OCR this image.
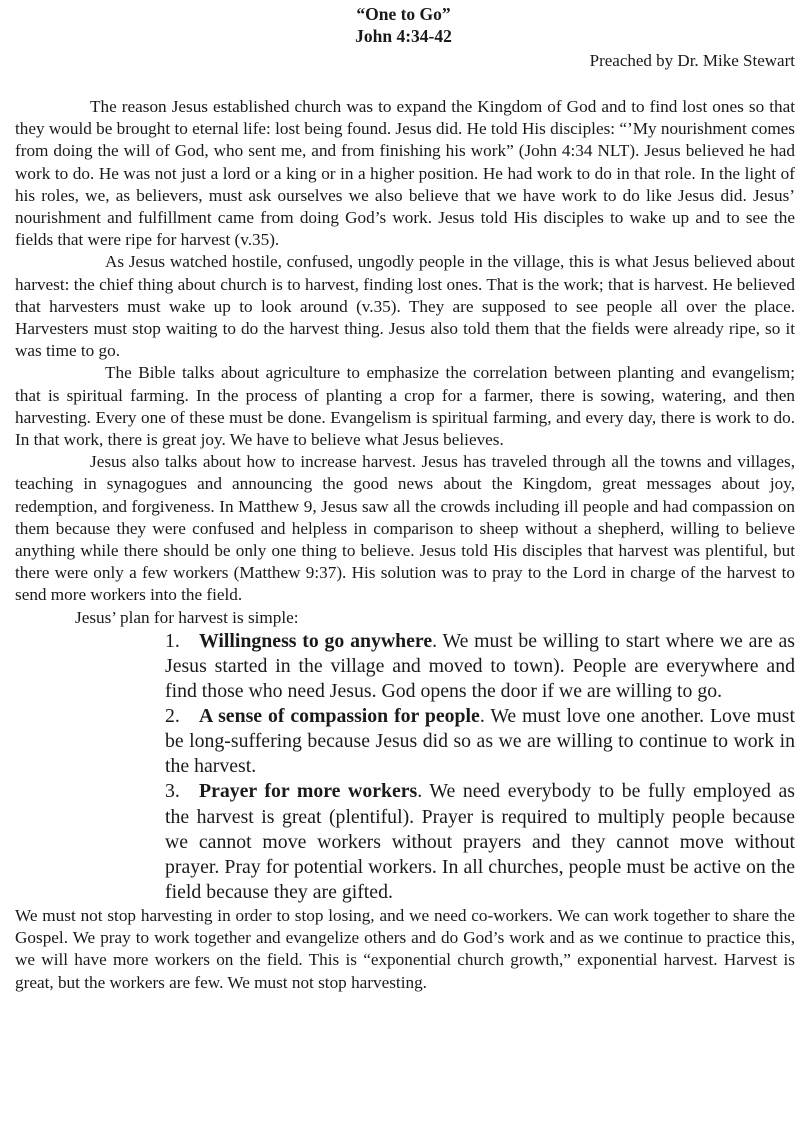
“One to Go”

John 4:34-42

Preached by Dr. Mike Stewart

The reason Jesus established church was to expand the Kingdom of God and to find lost ones so that they would be brought to eternal life: lost being found. Jesus did. He told His disciples: “’My nourishment comes from doing the will of God, who sent me, and from finishing his work” (John 4:34 NLT). Jesus believed he had work to do. He was not just a lord or a king or in a higher position. He had work to do in that role. In the light of his roles, we, as believers, must ask ourselves we also believe that we have work to do like Jesus did. Jesus’ nourishment and fulfillment came from doing God’s work. Jesus told His disciples to wake up and to see the fields that were ripe for harvest (v.35).

As Jesus watched hostile, confused, ungodly people in the village, this is what Jesus believed about harvest: the chief thing about church is to harvest, finding lost ones. That is the work; that is harvest. He believed that harvesters must wake up to look around (v.35). They are supposed to see people all over the place. Harvesters must stop waiting to do the harvest thing. Jesus also told them that the fields were already ripe, so it was time to go.

The Bible talks about agriculture to emphasize the correlation between planting and evangelism; that is spiritual farming. In the process of planting a crop for a farmer, there is sowing, watering, and then harvesting. Every one of these must be done. Evangelism is spiritual farming, and every day, there is work to do. In that work, there is great joy. We have to believe what Jesus believes.

Jesus also talks about how to increase harvest. Jesus has traveled through all the towns and villages, teaching in synagogues and announcing the good news about the Kingdom, great messages about joy, redemption, and forgiveness. In Matthew 9, Jesus saw all the crowds including ill people and had compassion on them because they were confused and helpless in comparison to sheep without a shepherd, willing to believe anything while there should be only one thing to believe. Jesus told His disciples that harvest was plentiful, but there were only a few workers (Matthew 9:37). His solution was to pray to the Lord in charge of the harvest to send more workers into the field.

Jesus’ plan for harvest is simple:

1. Willingness to go anywhere. We must be willing to start where we are as Jesus started in the village and moved to town). People are everywhere and find those who need Jesus. God opens the door if we are willing to go.
2. A sense of compassion for people. We must love one another. Love must be long-suffering because Jesus did so as we are willing to continue to work in the harvest.
3. Prayer for more workers. We need everybody to be fully employed as the harvest is great (plentiful). Prayer is required to multiply people because we cannot move workers without prayers and they cannot move without prayer. Pray for potential workers. In all churches, people must be active on the field because they are gifted.

We must not stop harvesting in order to stop losing, and we need co-workers. We can work together to share the Gospel. We pray to work together and evangelize others and do God’s work and as we continue to practice this, we will have more workers on the field. This is “exponential church growth,” exponential harvest. Harvest is great, but the workers are few. We must not stop harvesting.
